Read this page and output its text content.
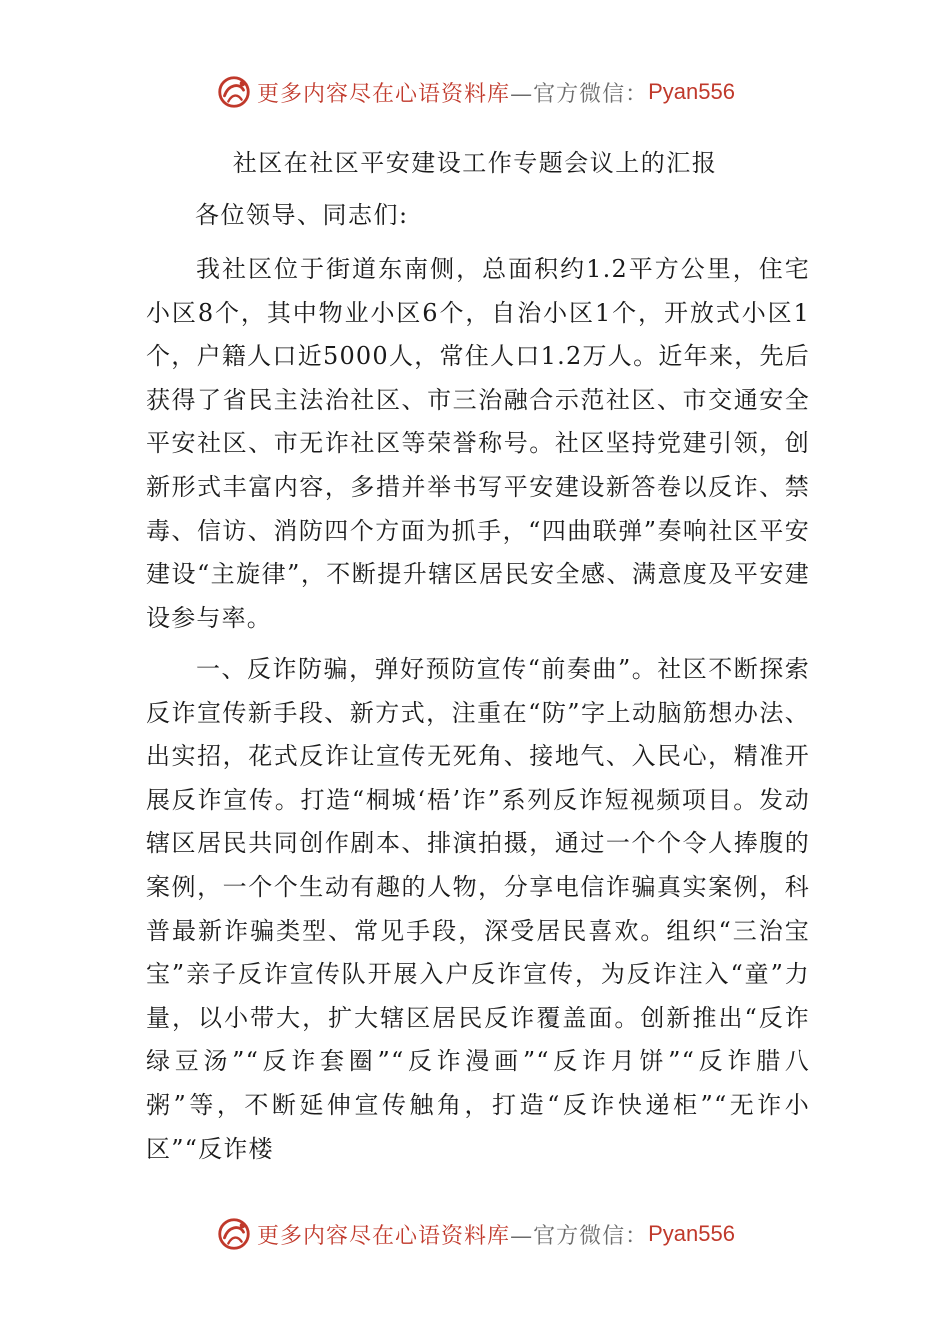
更多内容尽在心语资料库 —官方微信： Pyan556
社区在社区平安建设工作专题会议上的汇报
各位领导、同志们:

我社区位于街道东南侧，总面积约1.2平方公里，住宅小区8个，其中物业小区6个，自治小区1个，开放式小区1个，户籍人口近5000人，常住人口1.2万人。近年来，先后获得了省民主法治社区、市三治融合示范社区、市交通安全平安社区、市无诈社区等荣誉称号。社区坚持党建引领，创新形式丰富内容，多措并举书写平安建设新答卷以反诈、禁毒、信访、消防四个方面为抓手，“四曲联弹”奏响社区平安建设“主旋律”，不断提升辖区居民安全感、满意度及平安建设参与率。

一、反诈防骗，弹好预防宣传“前奏曲”。社区不断探索反诈宣传新手段、新方式，注重在“防”字上动脑筋想办法、出实招，花式反诈让宣传无死角、接地气、入民心，精准开展反诈宣传。打造“桐城‘梧’诈”系列反诈短视频项目。发动辖区居民共同创作剧本、排演拍摄，通过一个个令人捧腹的案例，一个个生动有趣的人物，分享电信诈骗真实案例，科普最新诈骗类型、常见手段，深受居民喜欢。组织“三治宝宝”亲子反诈宣传队开展入户反诈宣传，为反诈注入“童”力量，以小带大，扩大辖区居民反诈覆盖面。创新推出“反诈绿豆汤”“反诈套圈”“反诈漫画”“反诈月饼”“反诈腊八粥”等，不断延伸宣传触角，打造“反诈快递柜”“无诈小区”“反诈楼

更多内容尽在心语资料库 —官方微信： Pyan556
